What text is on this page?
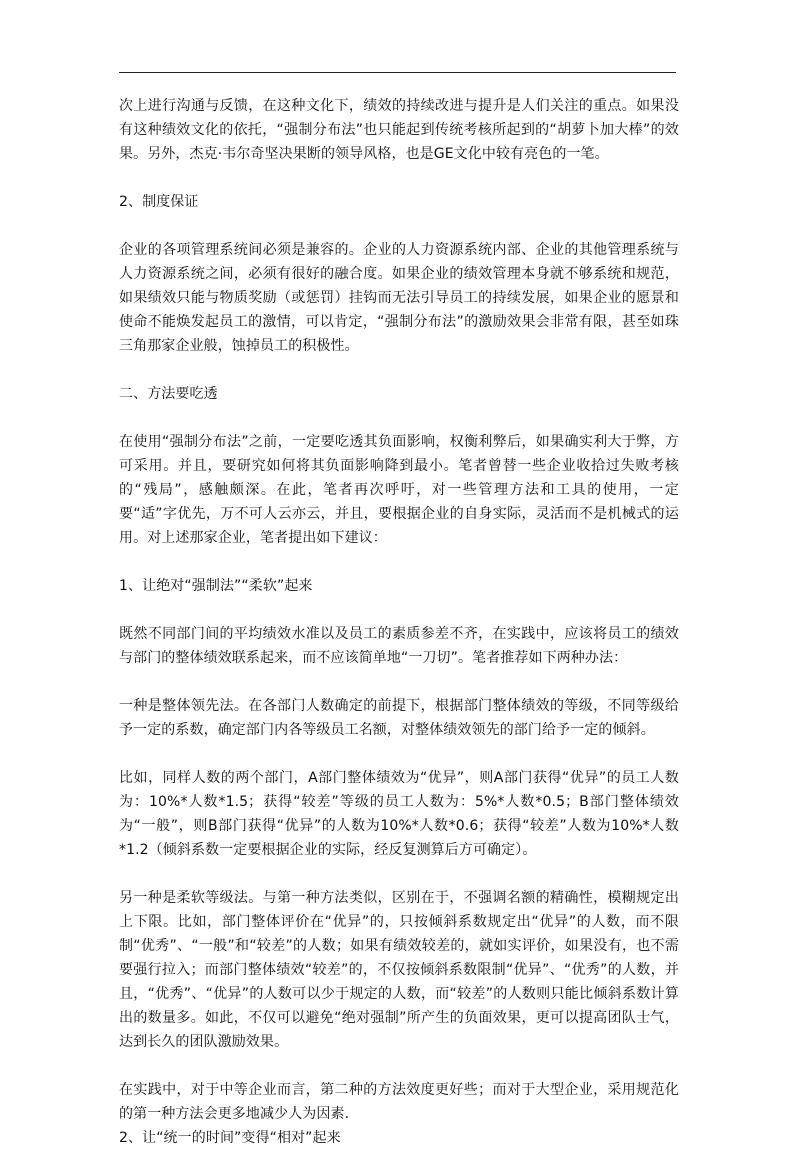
次上进行沟通与反馈，在这种文化下，绩效的持续改进与提升是人们关注的重点。如果没有这种绩效文化的依托，“强制分布法”也只能起到传统考核所起到的“胡萝卜加大棒”的效果。另外，杰克·韦尔奇坚决果断的领导风格，也是GE文化中较有亮色的一笔。

2、制度保证

企业的各项管理系统间必须是兼容的。企业的人力资源系统内部、企业的其他管理系统与人力资源系统之间，必须有很好的融合度。如果企业的绩效管理本身就不够系统和规范，如果绩效只能与物质奖励（或惩罚）挂钩而无法引导员工的持续发展，如果企业的愿景和使命不能焕发起员工的激情，可以肯定，“强制分布法”的激励效果会非常有限，甚至如珠三角那家企业般，蚀掉员工的积极性。

二、方法要吃透

在使用“强制分布法”之前，一定要吃透其负面影响，权衡利弊后，如果确实利大于弊，方可采用。并且，要研究如何将其负面影响降到最小。笔者曾替一些企业收拾过失败考核的“残局”，感触颇深。在此，笔者再次呼吁，对一些管理方法和工具的使用，一定要“适”字优先，万不可人云亦云，并且，要根据企业的自身实际，灵活而不是机械式的运用。对上述那家企业，笔者提出如下建议：

1、让绝对“强制法”“柔软”起来

既然不同部门间的平均绩效水准以及员工的素质参差不齐，在实践中，应该将员工的绩效与部门的整体绩效联系起来，而不应该简单地“一刀切”。笔者推荐如下两种办法：

一种是整体领先法。在各部门人数确定的前提下，根据部门整体绩效的等级，不同等级给予一定的系数，确定部门内各等级员工名额，对整体绩效领先的部门给予一定的倾斜。

比如，同样人数的两个部门，A部门整体绩效为“优异”，则A部门获得“优异”的员工人数为：10%*人数*1.5；获得“较差”等级的员工人数为：5%*人数*0.5；B部门整体绩效为“一般”，则B部门获得“优异”的人数为10%*人数*0.6；获得“较差”人数为10%*人数*1.2（倾斜系数一定要根据企业的实际，经反复测算后方可确定）。

另一种是柔软等级法。与第一种方法类似，区别在于，不强调名额的精确性，模糊规定出上下限。比如，部门整体评价在“优异”的，只按倾斜系数规定出“优异”的人数，而不限制“优秀”、“一般”和“较差”的人数；如果有绩效较差的，就如实评价，如果没有，也不需要强行拉入；而部门整体绩效“较差”的，不仅按倾斜系数限制“优异”、“优秀”的人数，并且，“优秀”、“优异”的人数可以少于规定的人数，而“较差”的人数则只能比倾斜系数计算出的数量多。如此，不仅可以避免“绝对强制”所产生的负面效果，更可以提高团队士气，达到长久的团队激励效果。

在实践中，对于中等企业而言，第二种的方法效度更好些；而对于大型企业，采用规范化的第一种方法会更多地减少人为因素.

2、让“统一的时间”变得“相对”起来
